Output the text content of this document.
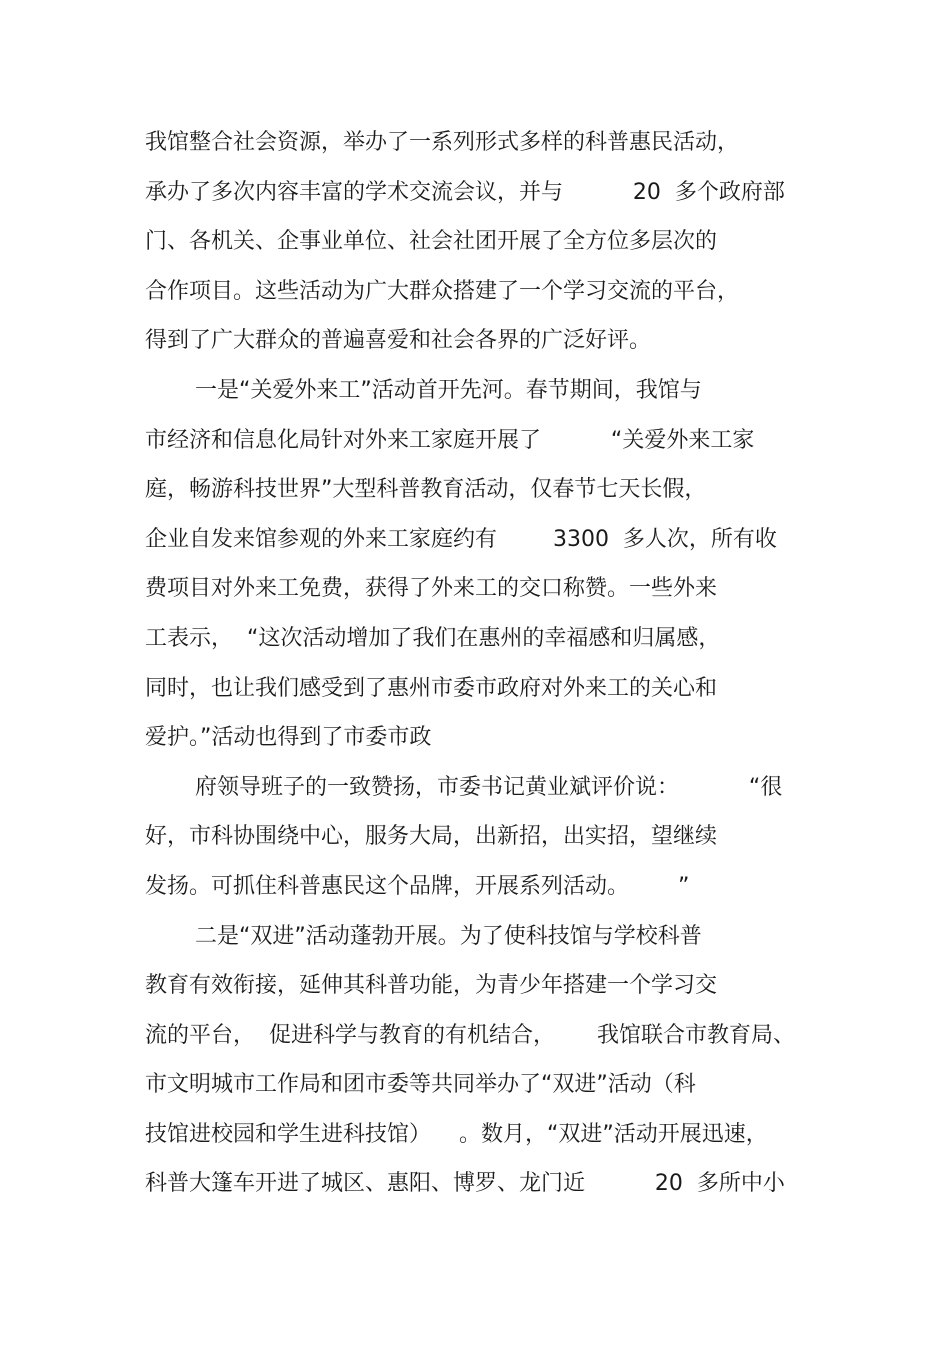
我馆整合社会资源，举办了一系列形式多样的科普惠民活动，

承办了多次内容丰富的学术交流会议，并与          20  多个政府部

门、各机关、企事业单位、社会社团开展了全方位多层次的

合作项目。这些活动为广大群众搭建了一个学习交流的平台，

得到了广大群众的普遍喜爱和社会各界的广泛好评。

一是“关爱外来工”活动首开先河。春节期间，我馆与

市经济和信息化局针对外来工家庭开展了          “关爱外来工家

庭，畅游科技世界”大型科普教育活动，仅春节七天长假，

企业自发来馆参观的外来工家庭约有        3300  多人次，所有收

费项目对外来工免费，获得了外来工的交口称赞。一些外来

工表示，  “这次活动增加了我们在惠州的幸福感和归属感，

同时，也让我们感受到了惠州市委市政府对外来工的关心和

爱护。”活动也得到了市委市政

府领导班子的一致赞扬，市委书记黄业斌评价说：          “很

好，市科协围绕中心，服务大局，出新招，出实招，望继续

发扬。可抓住科普惠民这个品牌，开展系列活动。       ”

二是“双进”活动蓬勃开展。为了使科技馆与学校科普

教育有效衔接，延伸其科普功能，为青少年搭建一个学习交

流的平台，  促进科学与教育的有机结合，      我馆联合市教育局、

市文明城市工作局和团市委等共同举办了“双进”活动（科

技馆进校园和学生进科技馆）    。数月，“双进”活动开展迅速，

科普大篷车开进了城区、惠阳、博罗、龙门近          20  多所中小
